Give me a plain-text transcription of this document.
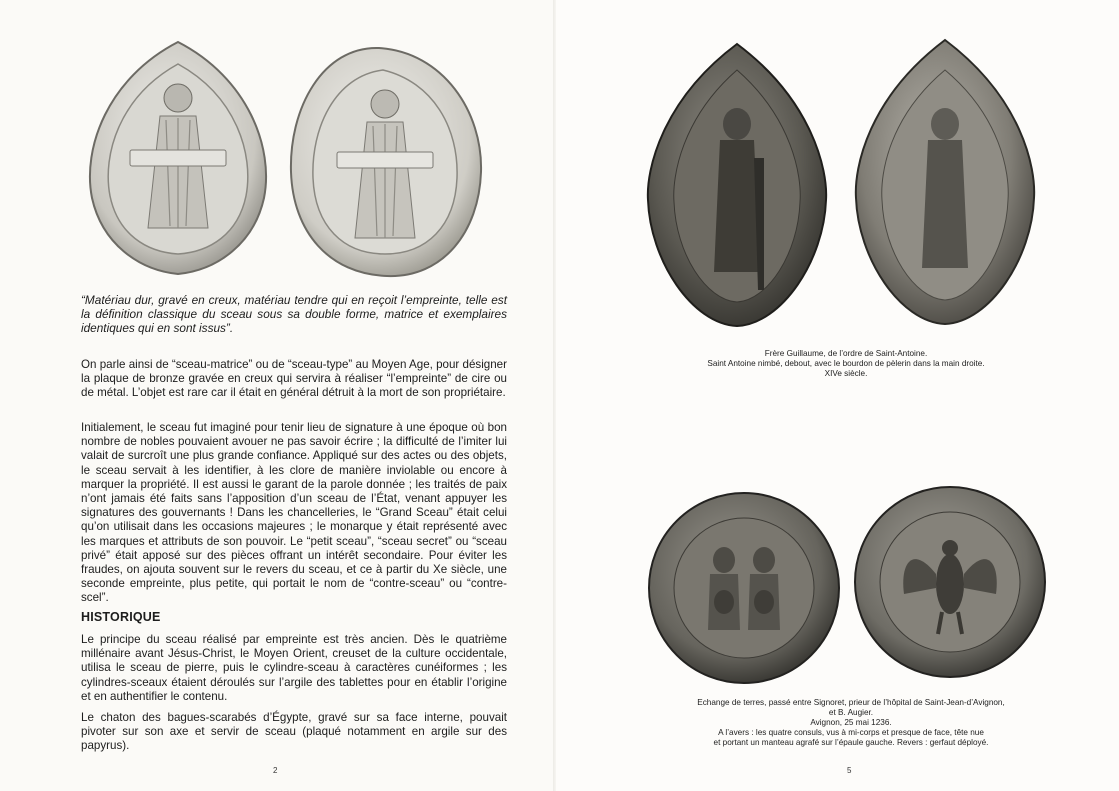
“Matériau dur, gravé en creux, matériau tendre qui en reçoit l’empreinte, telle est la définition classique du sceau sous sa double forme, matrice et exemplaires identiques qui en sont issus”.

On parle ainsi de “sceau-matrice” ou de “sceau-type” au Moyen Age, pour désigner la plaque de bronze gravée en creux qui servira à réaliser “l’empreinte” de cire ou de métal. L’objet est rare car il était en général détruit à la mort de son propriétaire.

Initialement, le sceau fut imaginé pour tenir lieu de signature à une époque où bon nombre de nobles pouvaient avouer ne pas savoir écrire ; la difficulté de l’imiter lui valait de surcroît une plus grande confiance. Appliqué sur des actes ou des objets, le sceau servait à les identifier, à les clore de manière inviolable ou encore à marquer la propriété. Il est aussi le garant de la parole donnée ; les traités de paix n’ont jamais été faits sans l’apposition d’un sceau de l’État, venant appuyer les signatures des gouvernants ! Dans les chancelleries, le “Grand Sceau” était celui qu’on utilisait dans les occasions majeures ; le monarque y était représenté avec les marques et attributs de son pouvoir. Le “petit sceau”, “sceau secret” ou “sceau privé” était apposé sur des pièces offrant un intérêt secondaire. Pour éviter les fraudes, on ajouta souvent sur le revers du sceau, et ce à partir du Xe siècle, une seconde empreinte, plus petite, qui portait le nom de “contre-sceau” ou “contre-scel”.

HISTORIQUE

Le principe du sceau réalisé par empreinte est très ancien. Dès le quatrième millénaire avant Jésus-Christ, le Moyen Orient, creuset de la culture occidentale, utilisa le sceau de pierre, puis le cylindre-sceau à caractères cunéiformes ; les cylindres-sceaux étaient déroulés sur l’argile des tablettes pour en établir l’origine et en authentifier le contenu.

Le chaton des bagues-scarabés d’Égypte, gravé sur sa face interne, pouvait pivoter sur son axe et servir de sceau (plaqué notamment en argile sur des papyrus).

2
Frère Guillaume, de l’ordre de Saint-Antoine.
Saint Antoine nimbé, debout, avec le bourdon de pèlerin dans la main droite.
XIVe siècle.
Echange de terres, passé entre Signoret, prieur de l’hôpital de Saint-Jean-d’Avignon,
et B. Augier.
Avignon, 25 mai 1236.
A l’avers : les quatre consuls, vus à mi-corps et presque de face, tête nue
et portant un manteau agrafé sur l’épaule gauche. Revers : gerfaut déployé.
5
